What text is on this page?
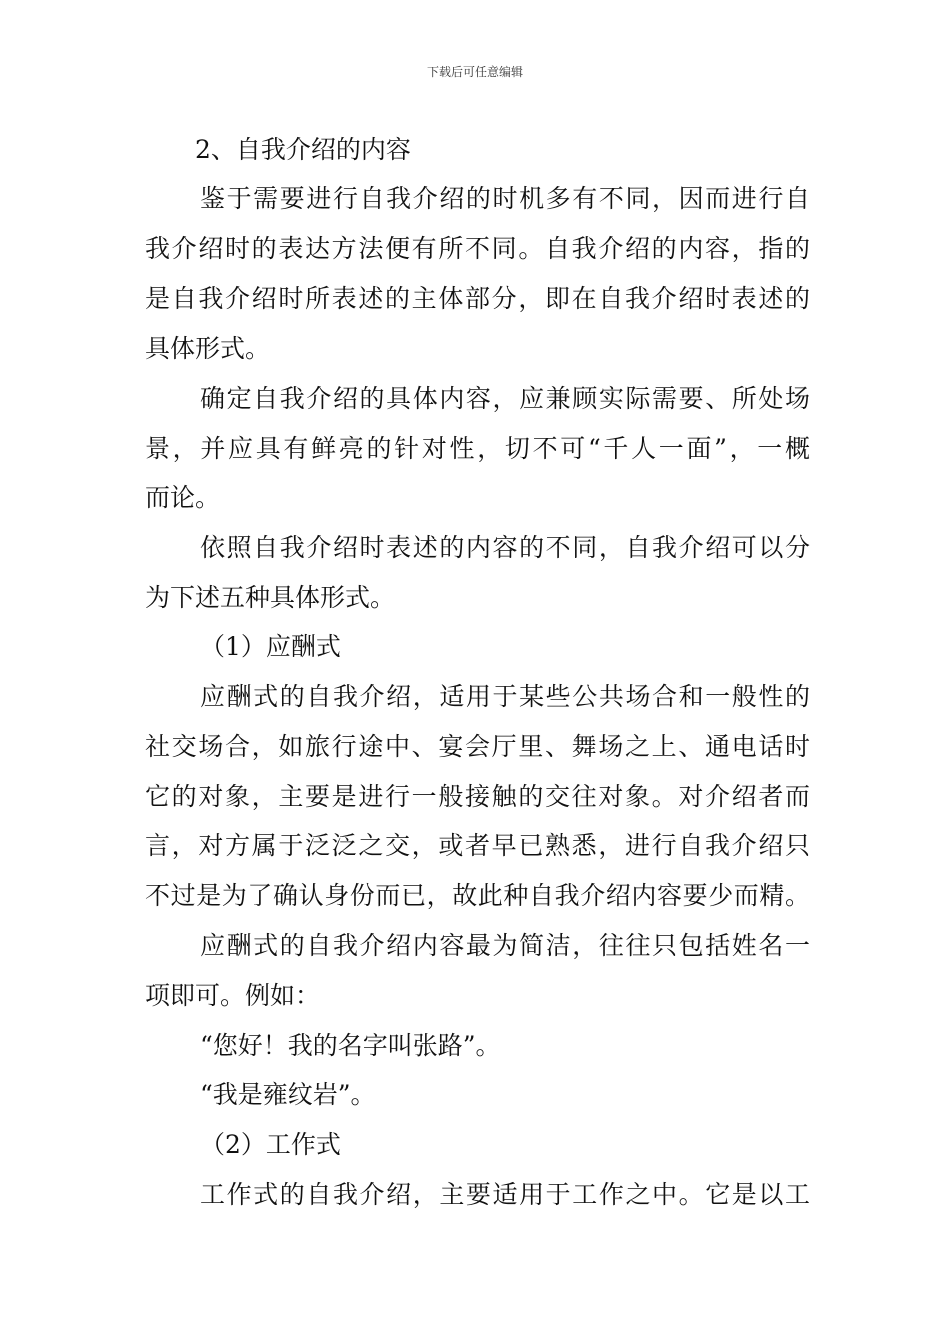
下载后可任意编辑
2、自我介绍的内容
鉴于需要进行自我介绍的时机多有不同，因而进行自
我介绍时的表达方法便有所不同。自我介绍的内容，指的
是自我介绍时所表述的主体部分，即在自我介绍时表述的
具体形式。
确定自我介绍的具体内容，应兼顾实际需要、所处场
景，并应具有鲜亮的针对性，切不可“千人一面”，一概
而论。
依照自我介绍时表述的内容的不同，自我介绍可以分
为下述五种具体形式。
（1）应酬式
应酬式的自我介绍，适用于某些公共场合和一般性的
社交场合，如旅行途中、宴会厅里、舞场之上、通电话时
它的对象，主要是进行一般接触的交往对象。对介绍者而
言，对方属于泛泛之交，或者早已熟悉，进行自我介绍只
不过是为了确认身份而已，故此种自我介绍内容要少而精。
应酬式的自我介绍内容最为简洁，往往只包括姓名一
项即可。例如：
“您好！我的名字叫张路”。
“我是雍纹岩”。
（2）工作式
工作式的自我介绍，主要适用于工作之中。它是以工
